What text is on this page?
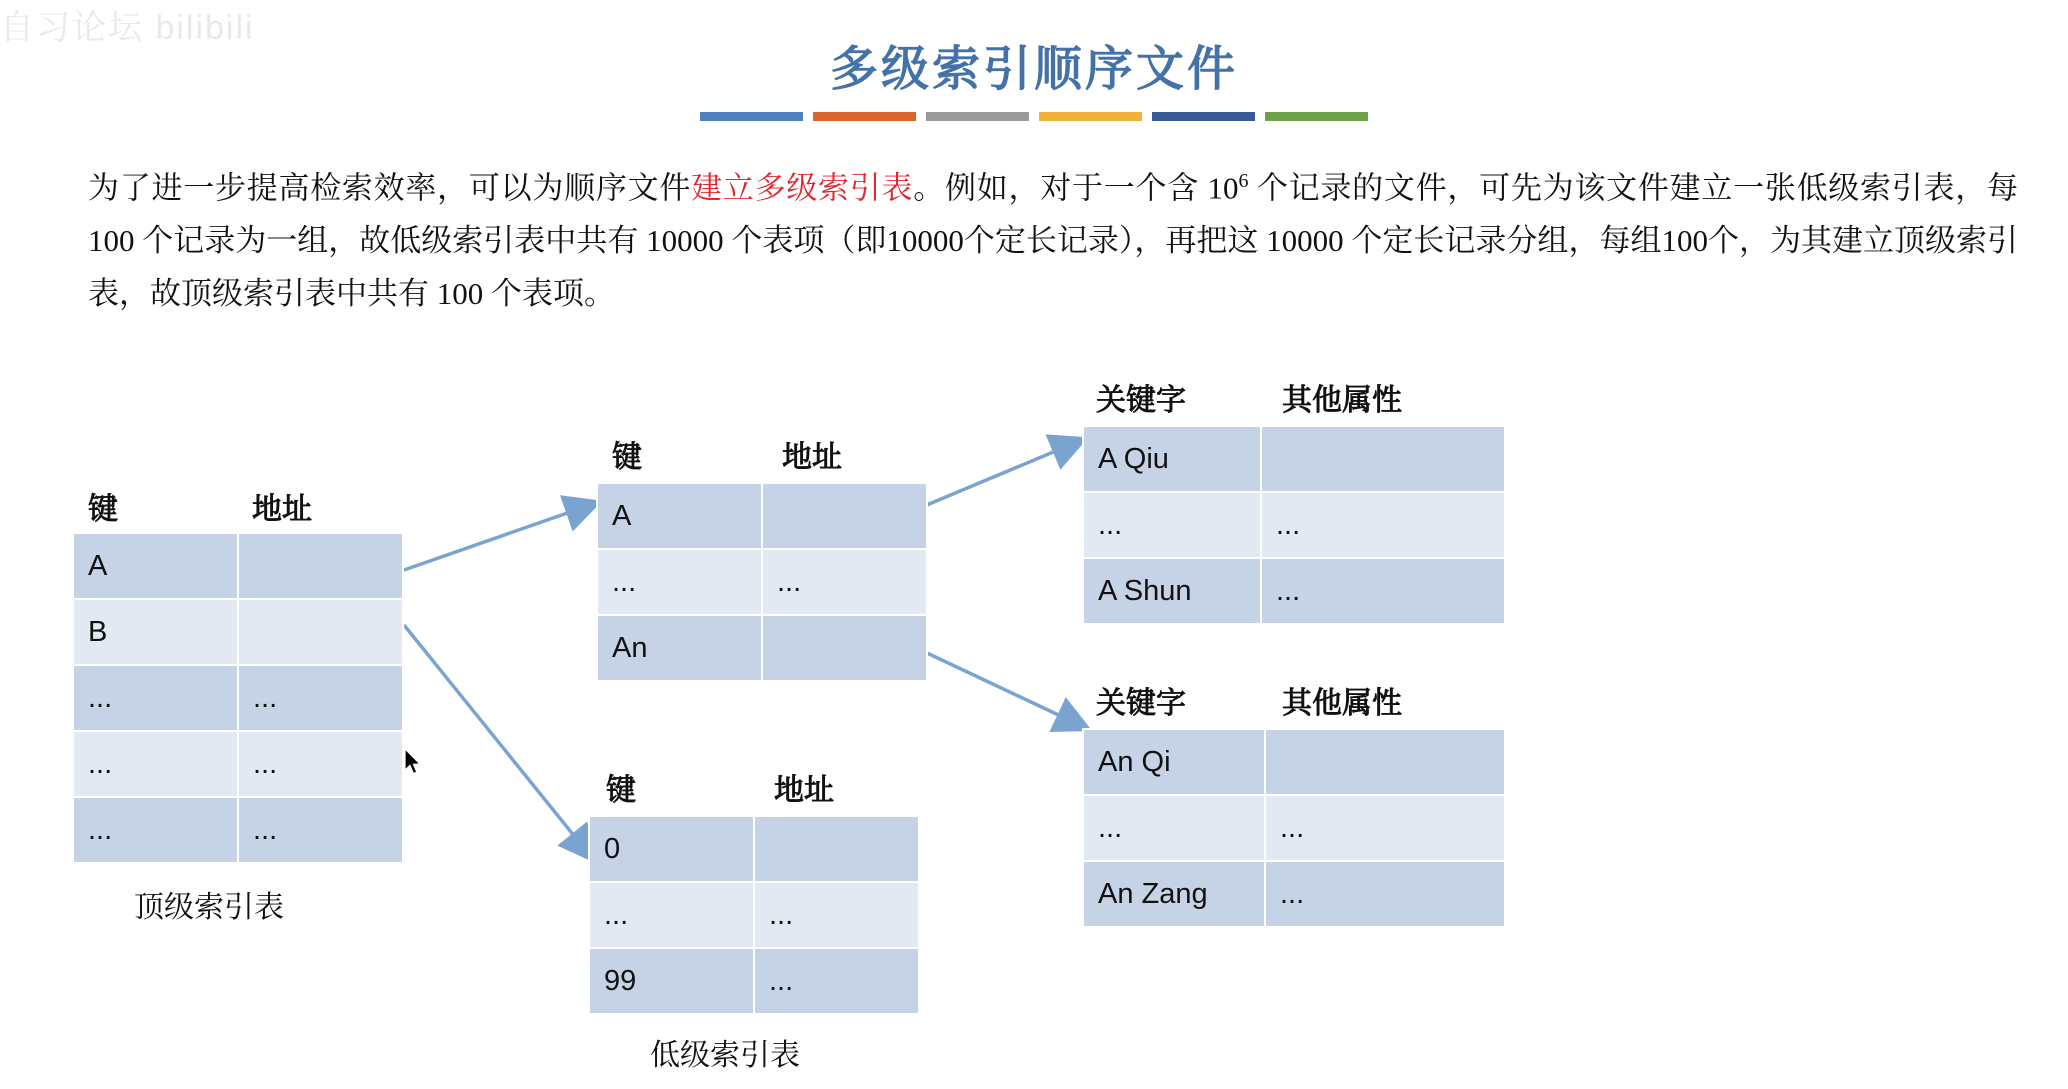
自习论坛 bilibili
多级索引顺序文件
为了进一步提高检索效率，可以为顺序文件建立多级索引表。例如，对于一个含 $10^6$ 个记录的文件，可先为该文件建立一张低级索引表，每 100 个记录为一组，故低级索引表中共有 10000 个表项（即10000个定长记录），再把这 10000 个定长记录分组，每组100个，为其建立顶级索引表，故顶级索引表中共有 100 个表项。
键	地址
A	
B	
...	...
...	...
...	...
顶级索引表
键	地址
A	
...	...
An	
键	地址
0	
...	...
99	...
低级索引表
关键字	其他属性
A Qiu	
...	...
A Shun	...
关键字	其他属性
An Qi	
...	...
An Zang	...
